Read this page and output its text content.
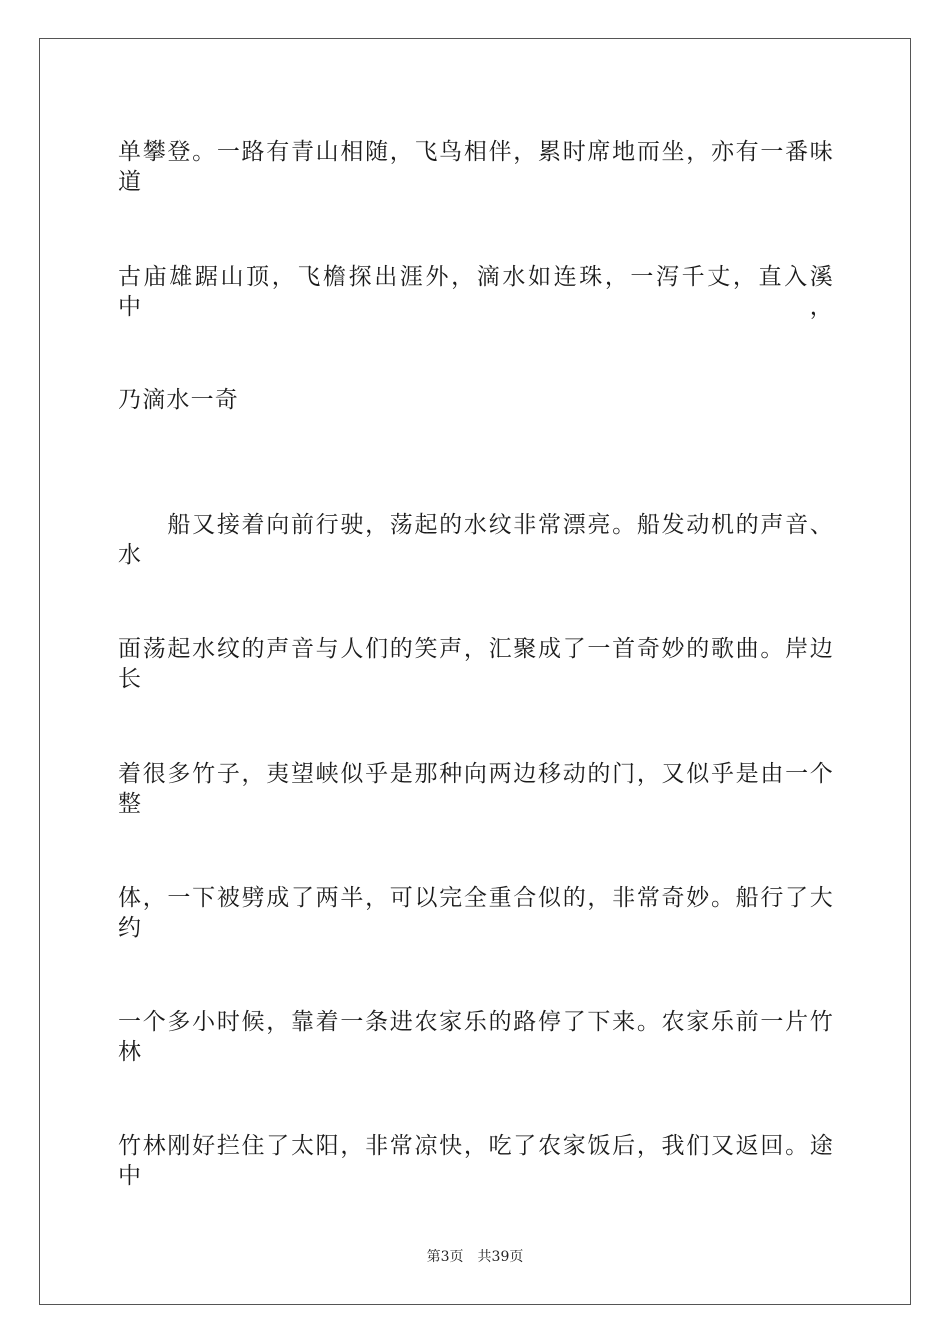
单攀登。一路有青山相随，飞鸟相伴，累时席地而坐，亦有一番味道
古庙雄踞山顶，飞檐探出涯外，滴水如连珠，一泻千丈，直入溪中，
乃滴水一奇
　　船又接着向前行驶，荡起的水纹非常漂亮。船发动机的声音、水
面荡起水纹的声音与人们的笑声，汇聚成了一首奇妙的歌曲。岸边长
着很多竹子，夷望峡似乎是那种向两边移动的门，又似乎是由一个整
体，一下被劈成了两半，可以完全重合似的，非常奇妙。船行了大约
一个多小时候，靠着一条进农家乐的路停了下来。农家乐前一片竹林
竹林刚好拦住了太阳，非常凉快，吃了农家饭后，我们又返回。途中
第3页 共39页
